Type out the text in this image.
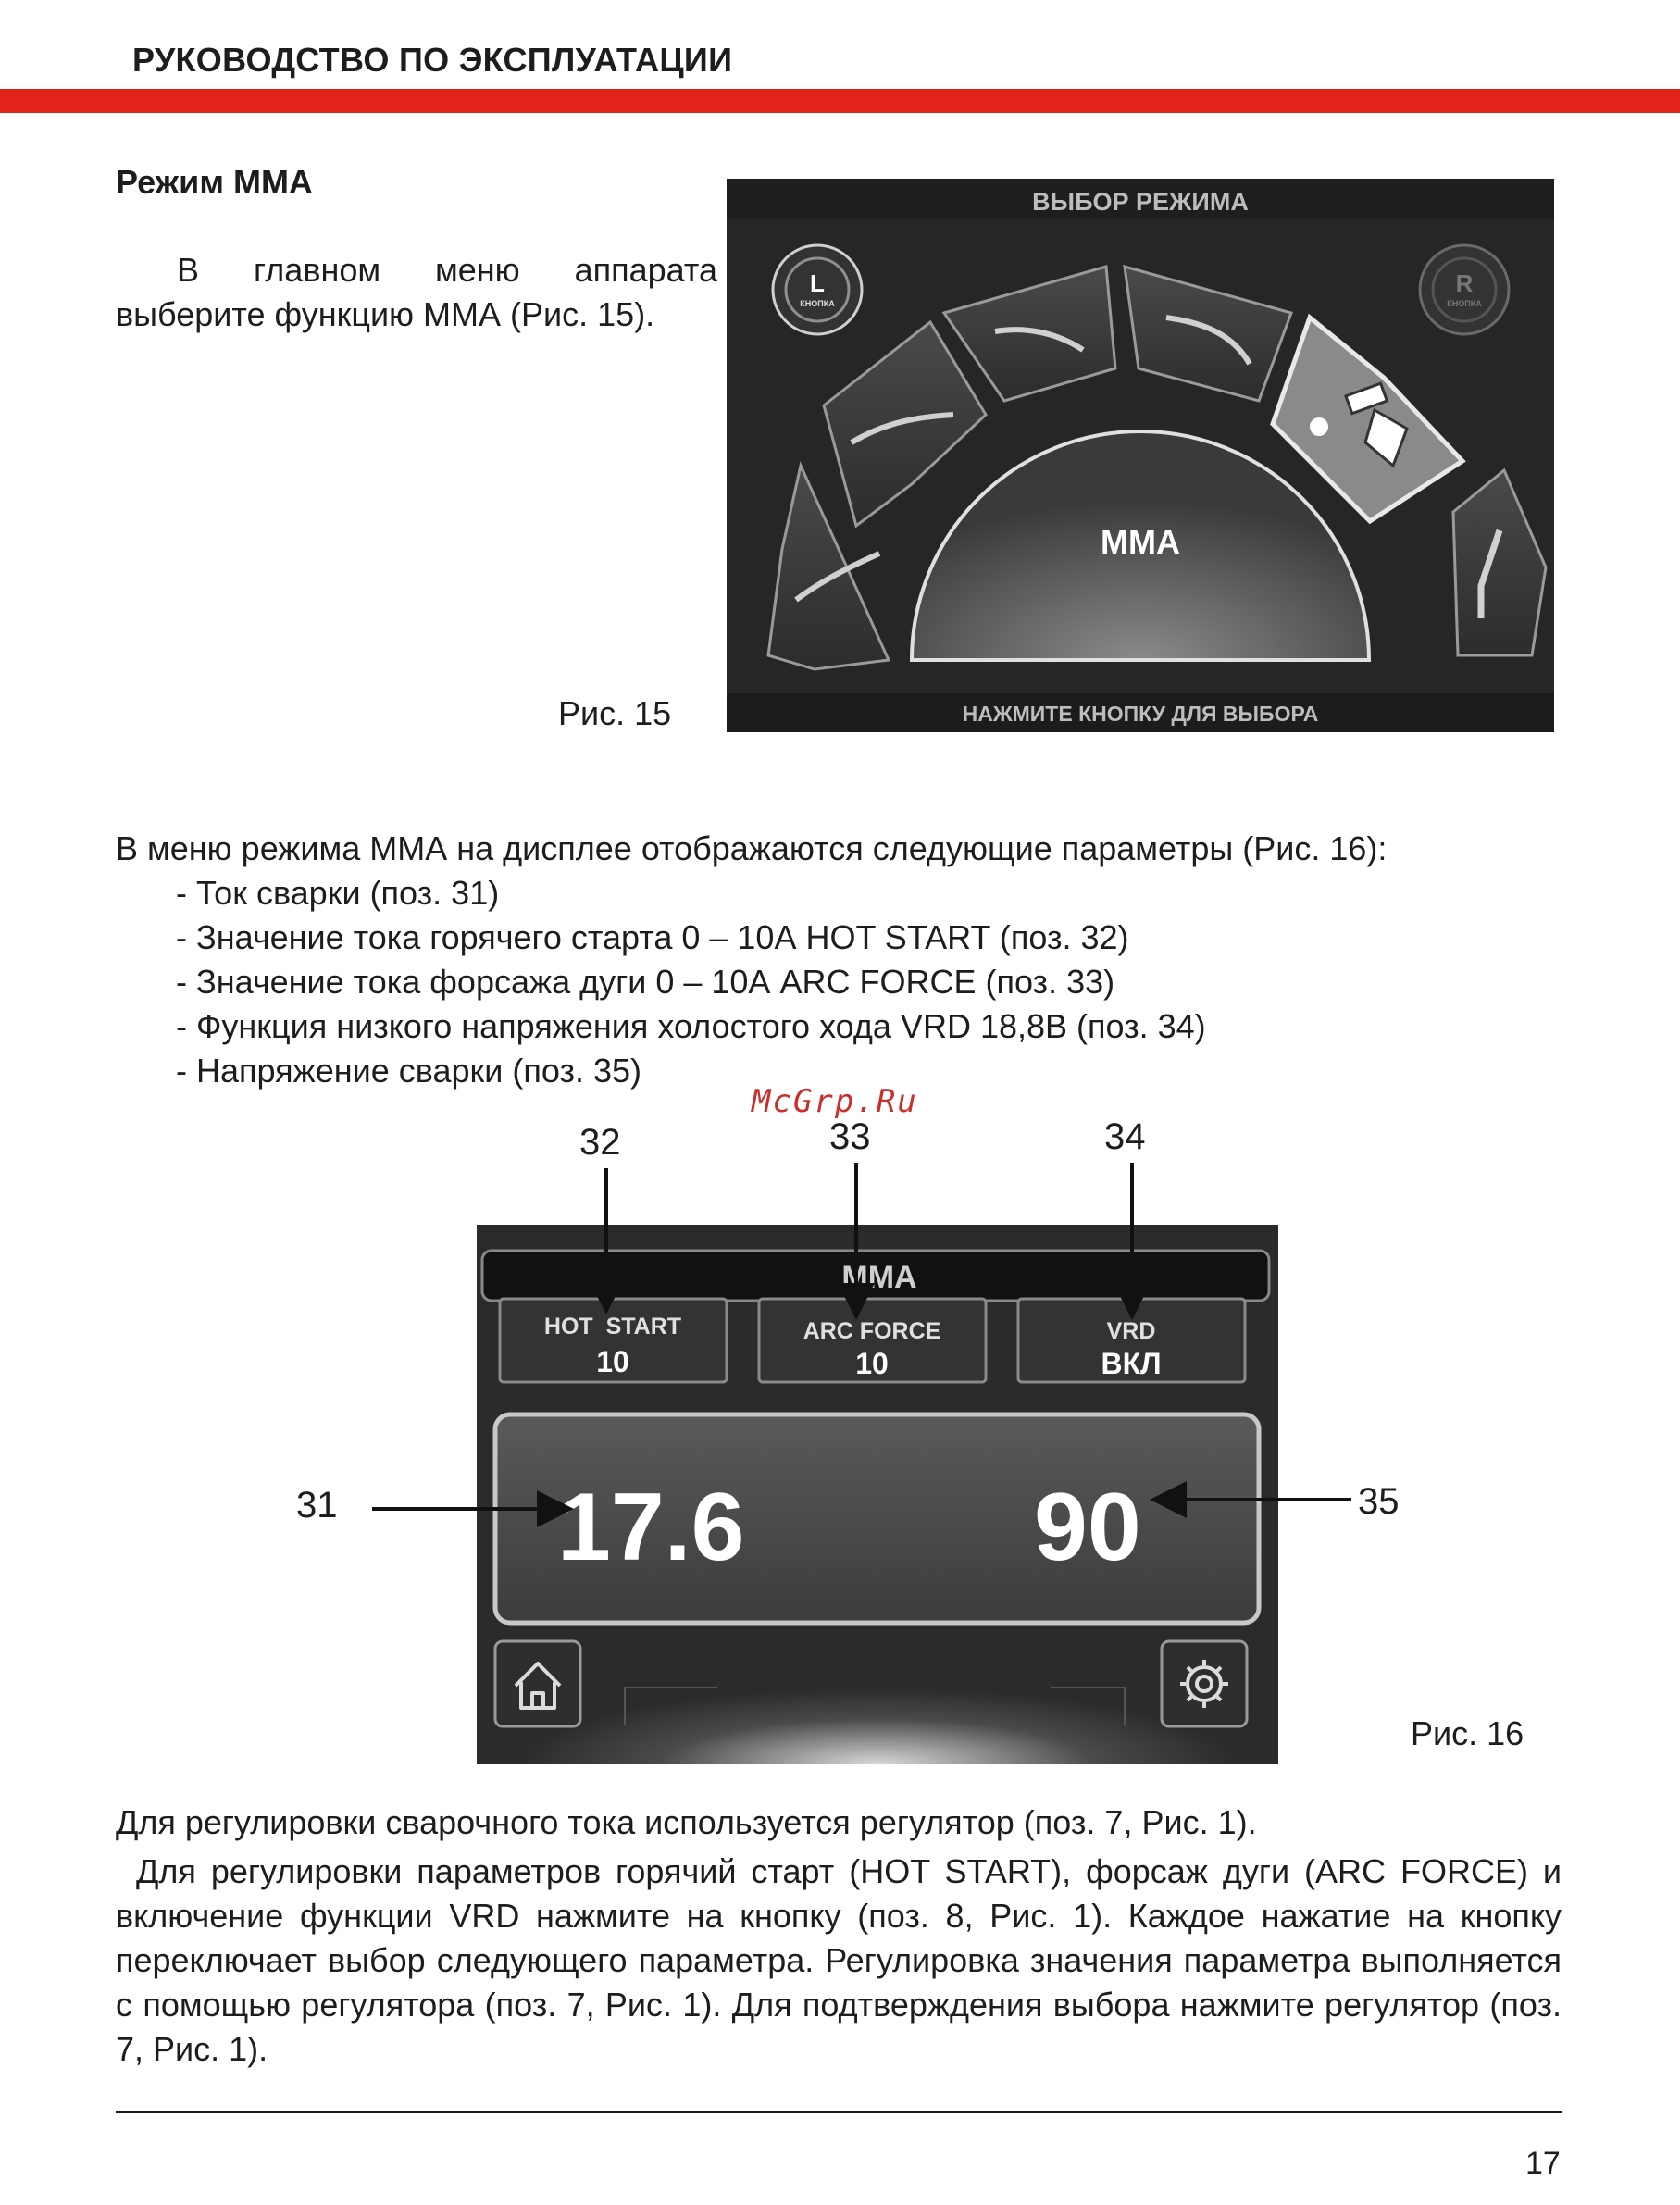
РУКОВОДСТВО ПО ЭКСПЛУАТАЦИИ
Режим ММА
В главном меню аппарата выберите функцию ММА (Рис. 15).
Рис. 15
ВЫБОР РЕЖИМА
L
КНОПКА
R
КНОПКА
MMA
НАЖМИТЕ КНОПКУ ДЛЯ ВЫБОРА
В меню режима ММА на дисплее отображаются следующие параметры (Рис. 16):
- Ток сварки (поз. 31)
- Значение тока горячего старта 0 – 10А HOT START (поз. 32)
- Значение тока форсажа дуги 0 – 10А ARC FORCE (поз. 33)
- Функция низкого напряжения холостого хода VRD 18,8В (поз. 34)
- Напряжение сварки (поз. 35)
McGrp.Ru
32	33	34
31	35
MMA
HOT  START
10
ARC FORCE
10
VRD
ВКЛ
17.6	90
Рис. 16
Для регулировки сварочного тока используется регулятор (поз. 7, Рис. 1).
Для регулировки параметров горячий старт (HOT START), форсаж дуги (ARC FORCE) и включение функции VRD нажмите на кнопку (поз. 8, Рис. 1). Каждое нажатие на кнопку переключает выбор следующего параметра. Регулировка значения параметра выполняется с помощью регулятора (поз. 7, Рис. 1). Для подтверждения выбора нажмите регулятор (поз. 7, Рис. 1).
17
